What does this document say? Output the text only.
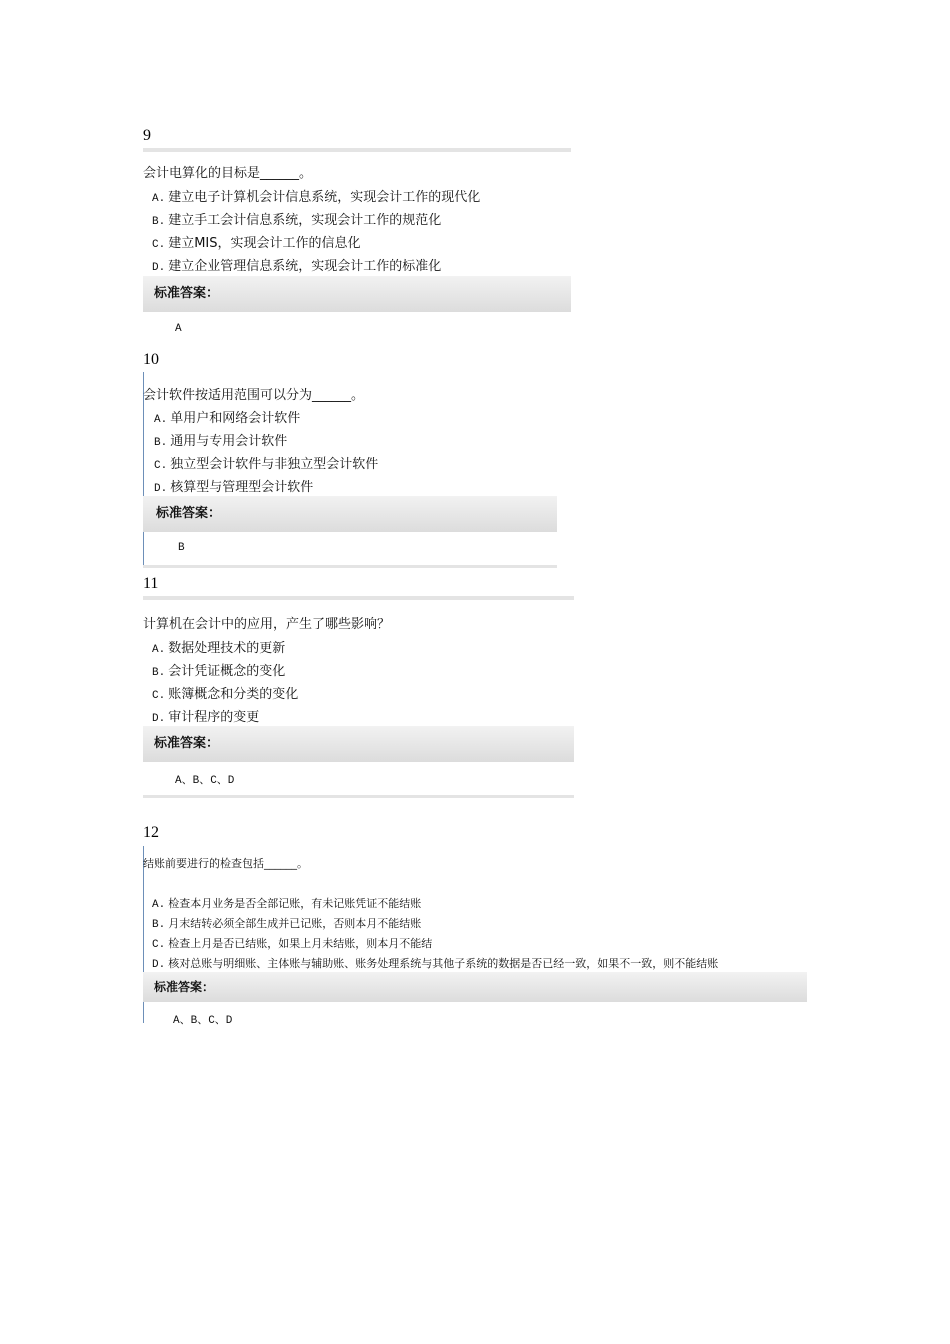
9
会计电算化的目标是______。
A. 建立电子计算机会计信息系统，实现会计工作的现代化
B. 建立手工会计信息系统，实现会计工作的规范化
C. 建立MIS，实现会计工作的信息化
D. 建立企业管理信息系统，实现会计工作的标准化
标准答案：
A
10
会计软件按适用范围可以分为______。
A. 单用户和网络会计软件
B. 通用与专用会计软件
C. 独立型会计软件与非独立型会计软件
D. 核算型与管理型会计软件
标准答案：
B
11
计算机在会计中的应用，产生了哪些影响？
A. 数据处理技术的更新
B. 会计凭证概念的变化
C. 账簿概念和分类的变化
D. 审计程序的变更
标准答案：
A、B、C、D
12
结账前要进行的检查包括______。
A. 检查本月业务是否全部记账，有未记账凭证不能结账
B. 月末结转必须全部生成并已记账，否则本月不能结账
C. 检查上月是否已结账，如果上月未结账，则本月不能结
D. 核对总账与明细账、主体账与辅助账、账务处理系统与其他子系统的数据是否已经一致，如果不一致，则不能结账
标准答案：
A、B、C、D
